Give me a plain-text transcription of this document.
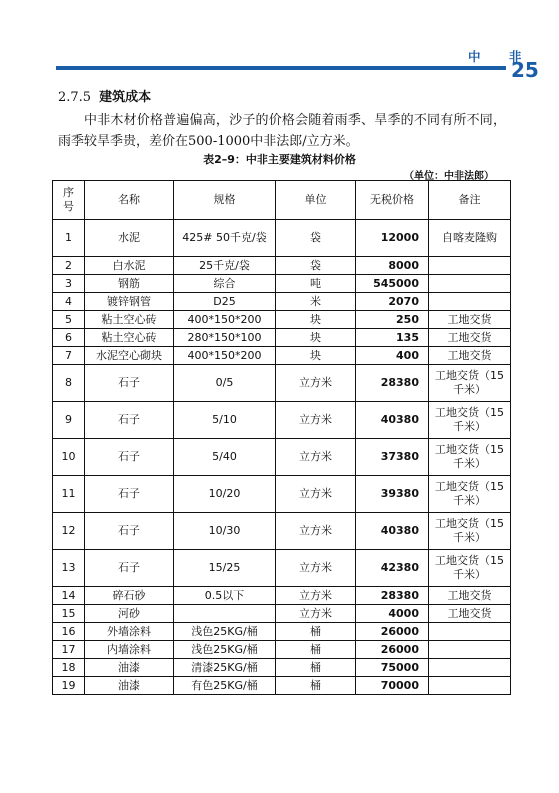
中 非
25
2.7.5 建筑成本
中非木材价格普遍偏高，沙子的价格会随着雨季、旱季的不同有所不同，雨季较旱季贵，差价在500-1000中非法郎/立方米。
表2–9：中非主要建筑材料价格
（单位：中非法郎）
序号	名称	规格	单位	无税价格	备注
1	水泥	425# 50千克/袋	袋	12000	自喀麦隆购
2	白水泥	25千克/袋	袋	8000	
3	钢筋	综合	吨	545000	
4	镀锌钢管	D25	米	2070	
5	粘土空心砖	400*150*200	块	250	工地交货
6	粘土空心砖	280*150*100	块	135	工地交货
7	水泥空心砌块	400*150*200	块	400	工地交货
8	石子	0/5	立方米	28380	工地交货（15千米）
9	石子	5/10	立方米	40380	工地交货（15千米）
10	石子	5/40	立方米	37380	工地交货（15千米）
11	石子	10/20	立方米	39380	工地交货（15千米）
12	石子	10/30	立方米	40380	工地交货（15千米）
13	石子	15/25	立方米	42380	工地交货（15千米）
14	碎石砂	0.5以下	立方米	28380	工地交货
15	河砂		立方米	4000	工地交货
16	外墙涂料	浅色25KG/桶	桶	26000	
17	内墙涂料	浅色25KG/桶	桶	26000	
18	油漆	清漆25KG/桶	桶	75000	
19	油漆	有色25KG/桶	桶	70000	
